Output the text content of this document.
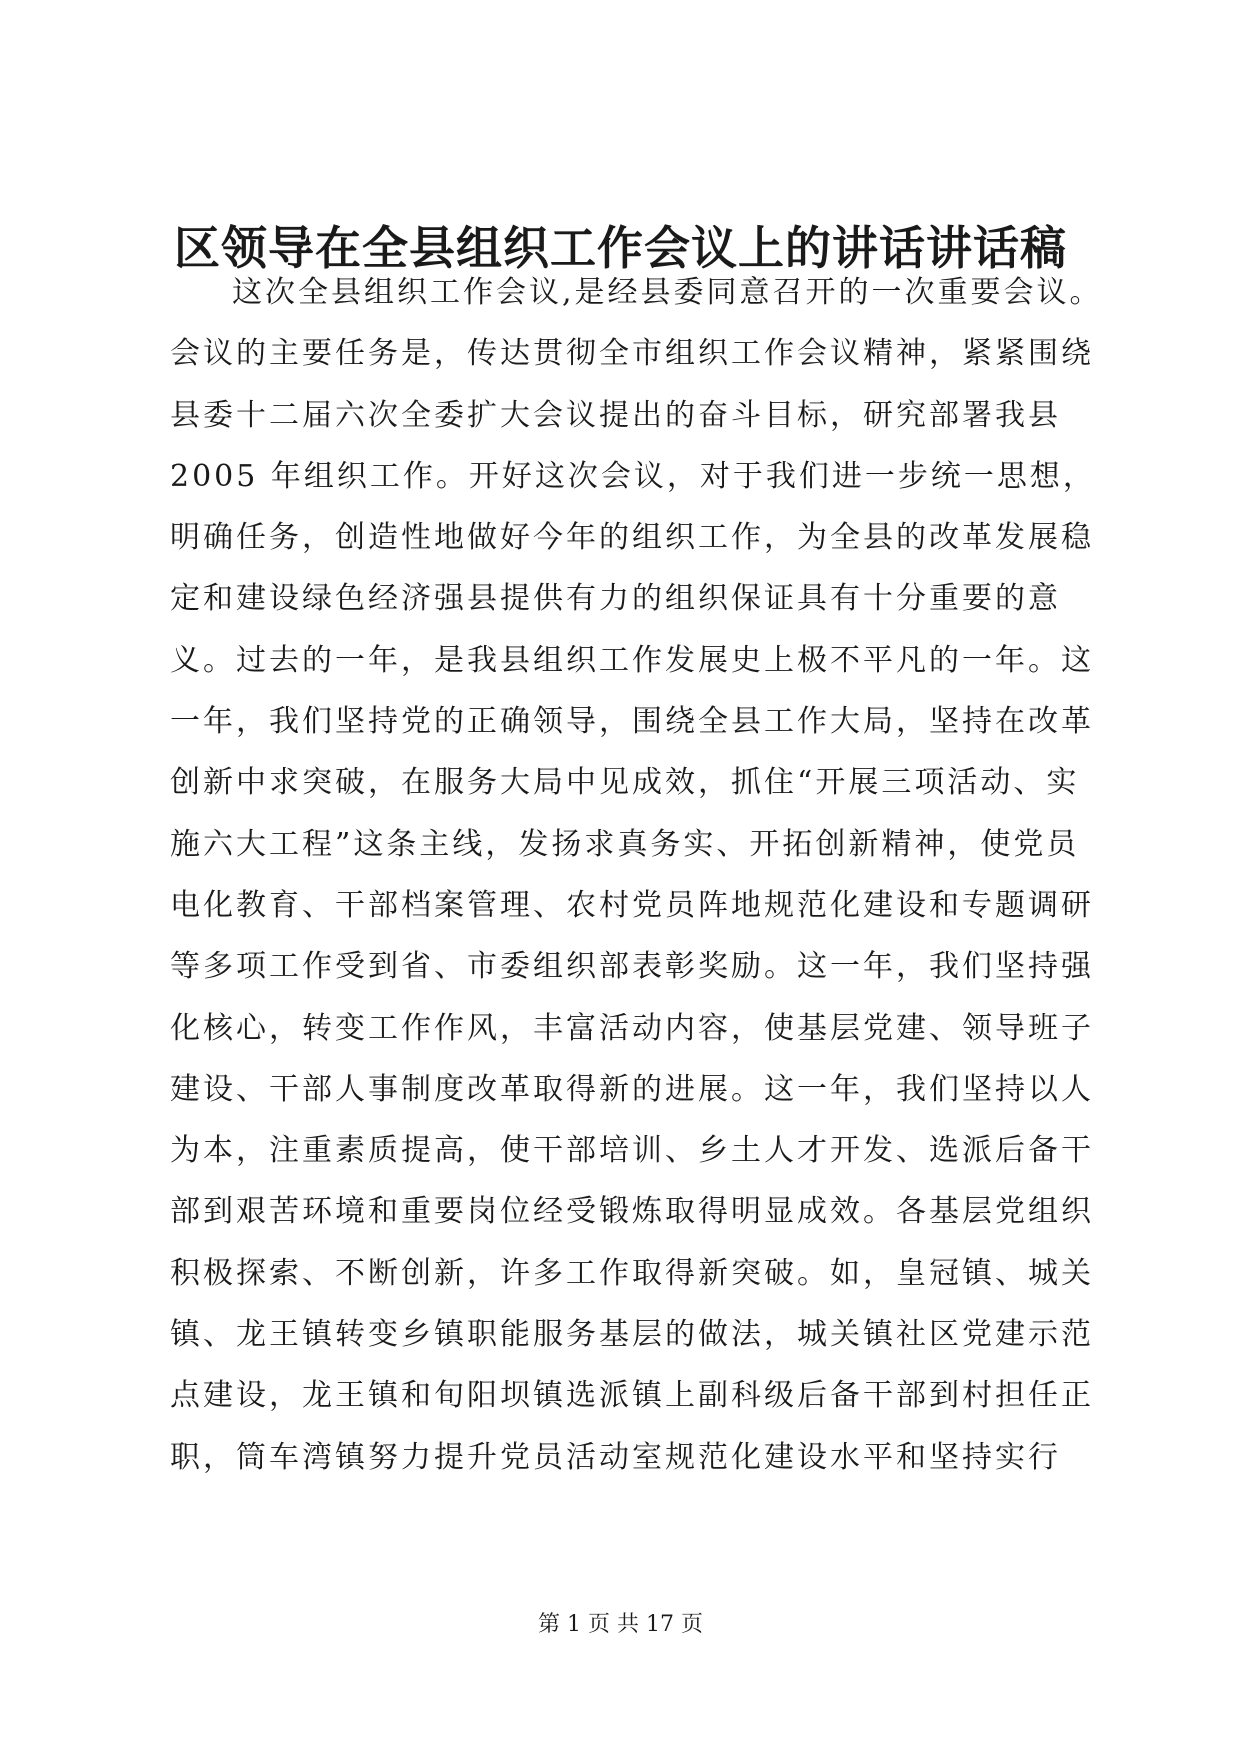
区领导在全县组织工作会议上的讲话讲话稿
这次全县组织工作会议,是经县委同意召开的一次重要会议。
会议的主要任务是，传达贯彻全市组织工作会议精神，紧紧围绕
县委十二届六次全委扩大会议提出的奋斗目标，研究部署我县
2005 年组织工作。开好这次会议，对于我们进一步统一思想，
明确任务，创造性地做好今年的组织工作，为全县的改革发展稳
定和建设绿色经济强县提供有力的组织保证具有十分重要的意
义。过去的一年，是我县组织工作发展史上极不平凡的一年。这
一年，我们坚持党的正确领导，围绕全县工作大局，坚持在改革
创新中求突破，在服务大局中见成效，抓住“开展三项活动、实
施六大工程”这条主线，发扬求真务实、开拓创新精神，使党员
电化教育、干部档案管理、农村党员阵地规范化建设和专题调研
等多项工作受到省、市委组织部表彰奖励。这一年，我们坚持强
化核心，转变工作作风，丰富活动内容，使基层党建、领导班子
建设、干部人事制度改革取得新的进展。这一年，我们坚持以人
为本，注重素质提高，使干部培训、乡土人才开发、选派后备干
部到艰苦环境和重要岗位经受锻炼取得明显成效。各基层党组织
积极探索、不断创新，许多工作取得新突破。如，皇冠镇、城关
镇、龙王镇转变乡镇职能服务基层的做法，城关镇社区党建示范
点建设，龙王镇和旬阳坝镇选派镇上副科级后备干部到村担任正
职，筒车湾镇努力提升党员活动室规范化建设水平和坚持实行
第 1 页 共 17 页
